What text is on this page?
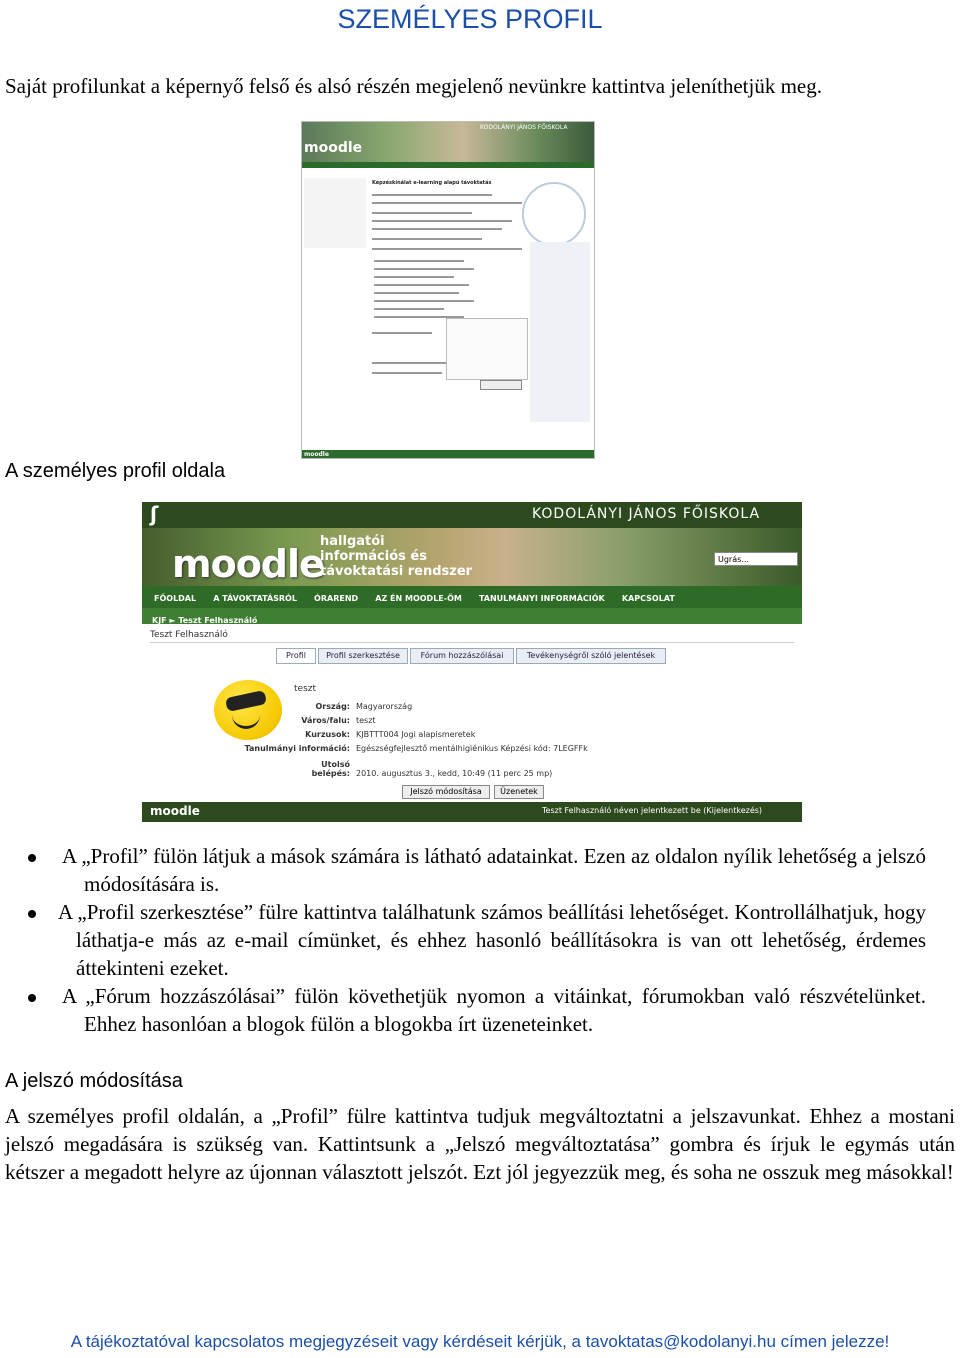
SZEMÉLYES PROFIL
Saját profilunkat a képernyő felső és alsó részén megjelenő nevünkre kattintva jeleníthetjük meg.
moodle
KODOLÁNYI JÁNOS FŐISKOLA
Képzéskínálat e-learning alapú távoktatás
moodle
A személyes profil oldala
ʃ	KODOLÁNYI JÁNOS FŐISKOLA
moodle
hallgatói
információs és
távoktatási rendszer
Ugrás...
FŐOLDAL A TÁVOKTATÁSRÓL ÓRAREND AZ ÉN MOODLE-ÖM TANULMÁNYI INFORMÁCIÓK KAPCSOLAT
KJF ► Teszt Felhasználó
Teszt Felhasználó
Profil	Profil szerkesztése	Fórum hozzászólásai	Tevékenységről szóló jelentések
teszt
Ország: Magyarország
Város/falu: teszt
Kurzusok: KJBTTT004 Jogi alapismeretek
Tanulmányi információ: Egészségfejlesztő mentálhigiénikus Képzési kód: 7LEGFFk
Utolsó belépés: 2010. augusztus 3., kedd, 10:49 (11 perc 25 mp)
Jelszó módosítása	Üzenetek
moodle	Teszt Felhasználó néven jelentkezett be (Kijelentkezés)
A „Profil” fülön látjuk a mások számára is látható adatainkat. Ezen az oldalon nyílik lehetőség a jelszó módosítására is.
A „Profil szerkesztése” fülre kattintva találhatunk számos beállítási lehetőséget. Kontrollálhatjuk, hogy láthatja-e más az e-mail címünket, és ehhez hasonló beállításokra is van ott lehetőség, érdemes áttekinteni ezeket.
A „Fórum hozzászólásai” fülön követhetjük nyomon a vitáinkat, fórumokban való részvételünket. Ehhez hasonlóan a blogok fülön a blogokba írt üzeneteinket.
A jelszó módosítása
A személyes profil oldalán, a „Profil” fülre kattintva tudjuk megváltoztatni a jelszavunkat. Ehhez a mostani jelszó megadására is szükség van. Kattintsunk a „Jelszó megváltoztatása” gombra és írjuk le egymás után kétszer a megadott helyre az újonnan választott jelszót. Ezt jól jegyezzük meg, és soha ne osszuk meg másokkal!
A tájékoztatóval kapcsolatos megjegyzéseit vagy kérdéseit kérjük, a tavoktatas@kodolanyi.hu címen jelezze!
